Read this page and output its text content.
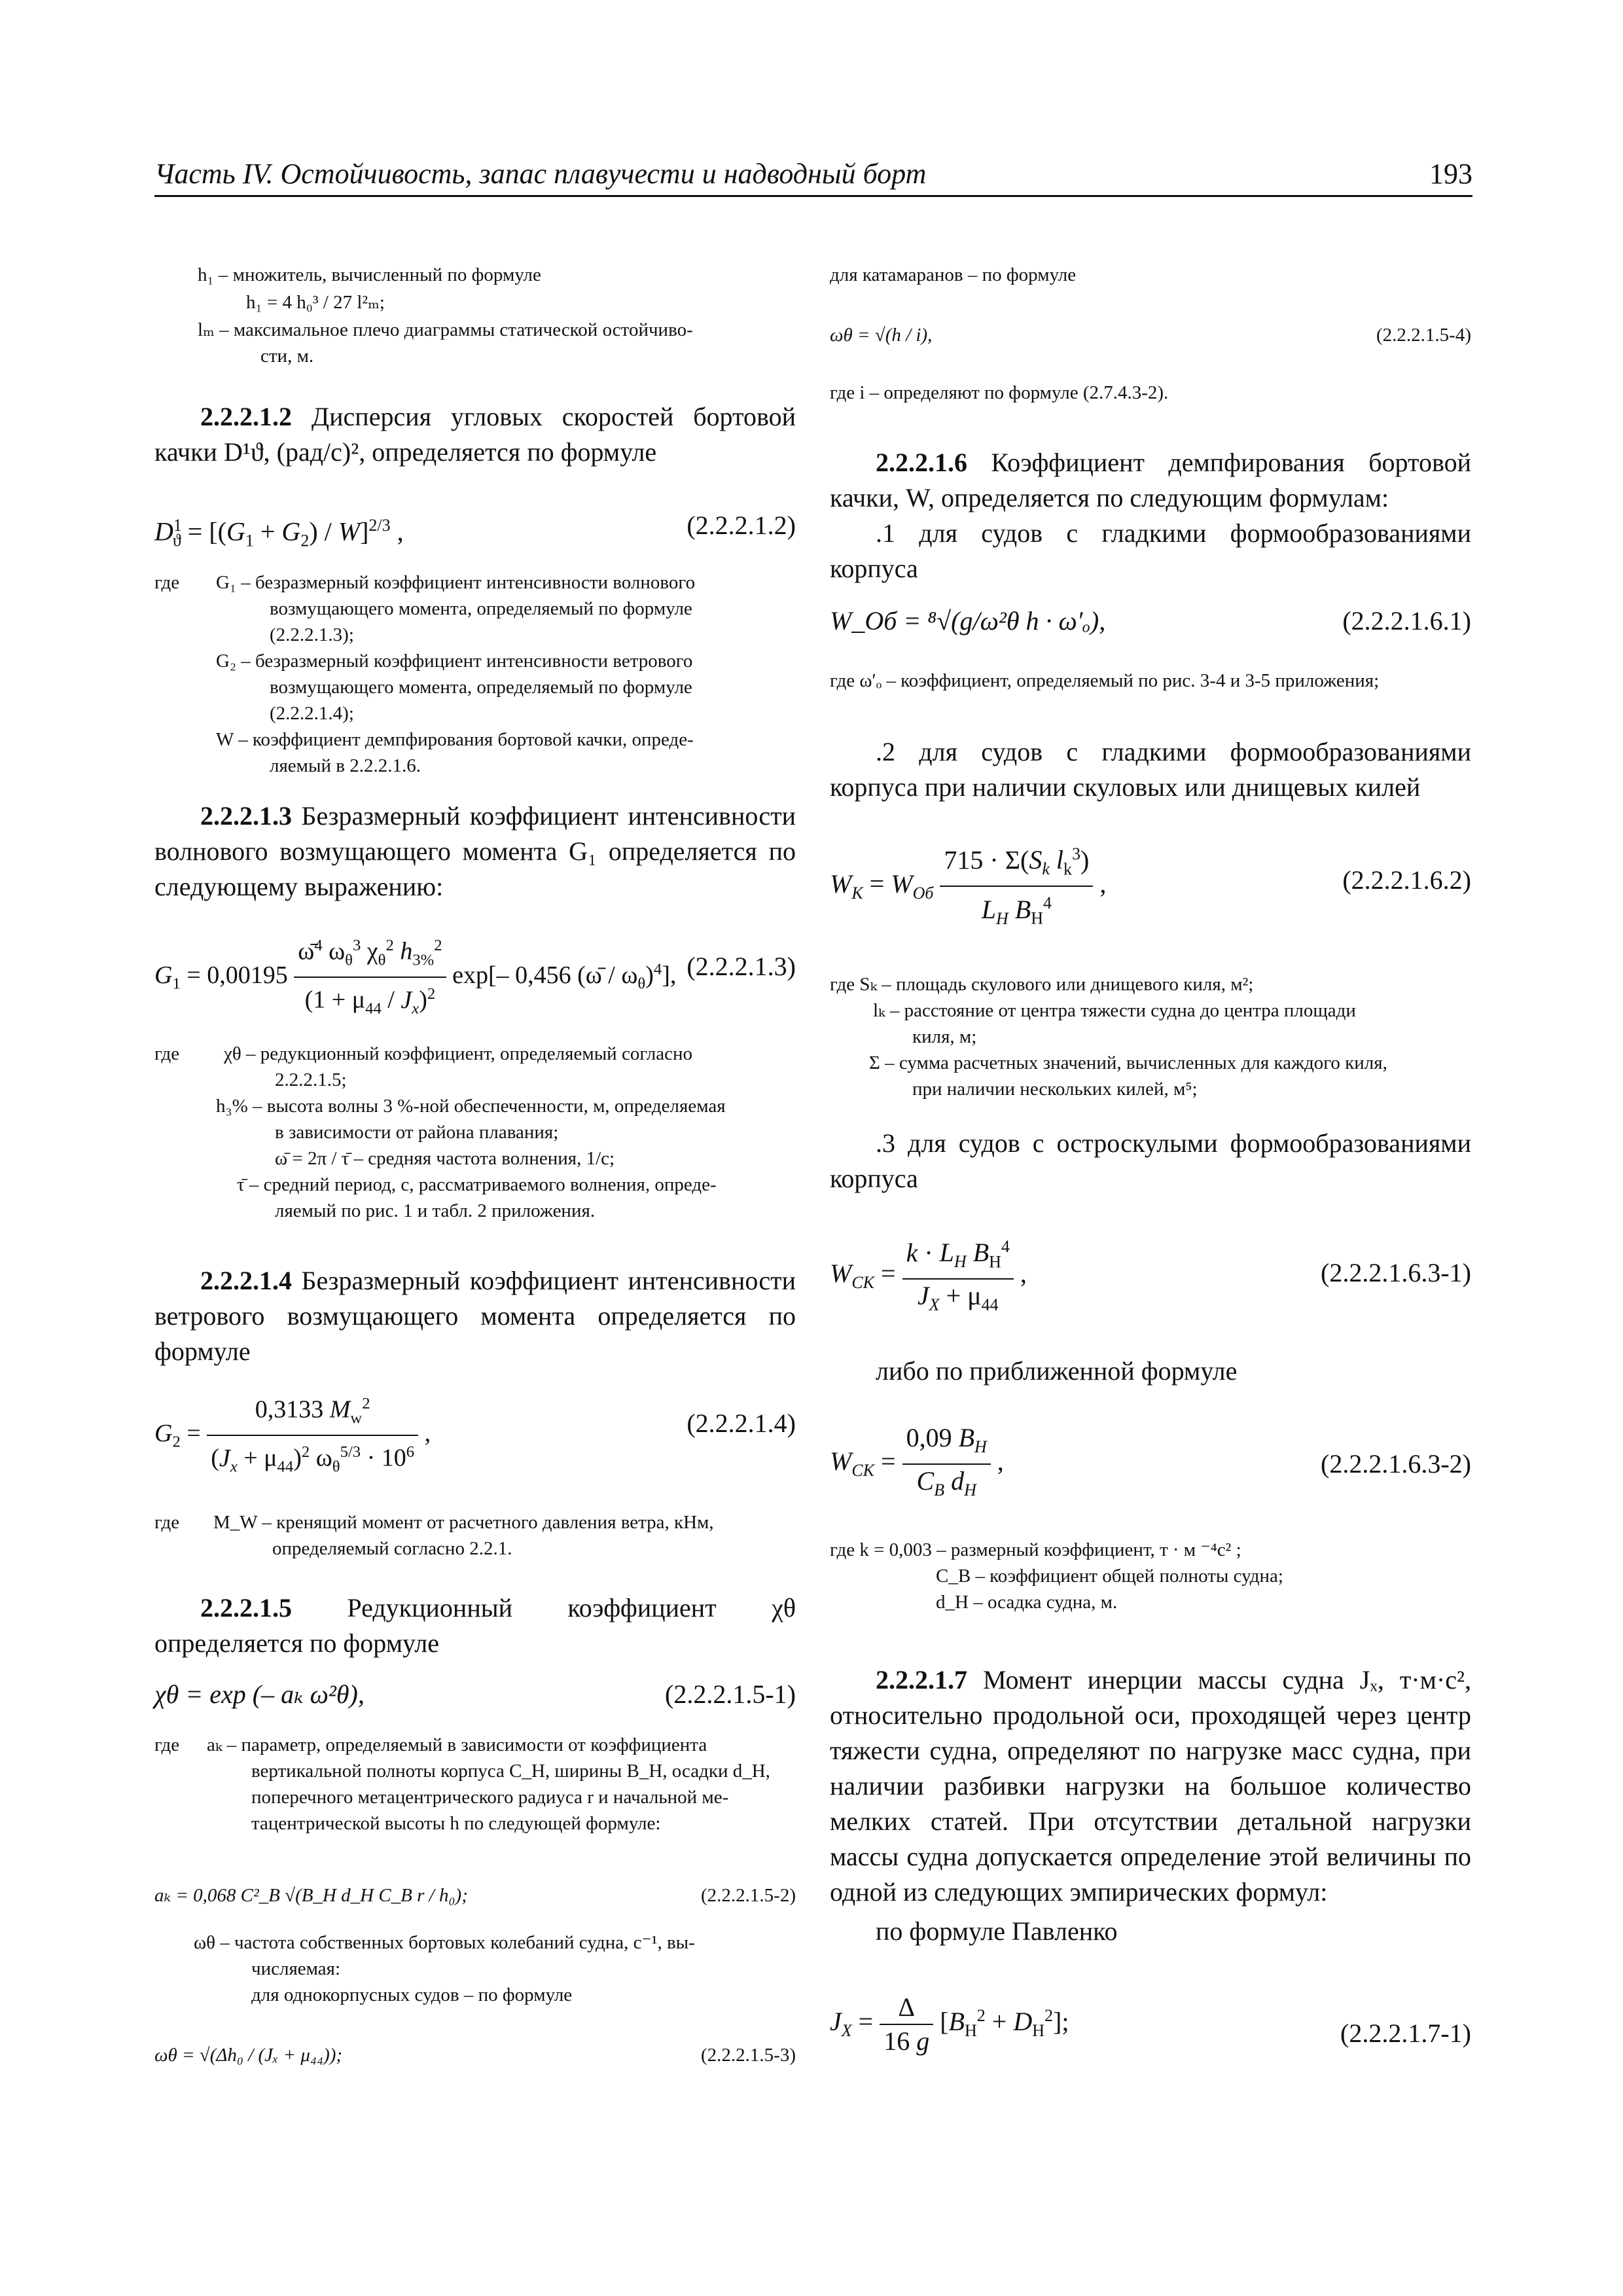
Часть IV. Остойчивость, запас плавучести и надводный борт	193
h₁ – множитель, вычисленный по формуле
h₁ = 4 h₀³ / 27 l²ₘ;
lₘ – максимальное плечо диаграммы статической остойчиво-
сти, м.
2.2.2.1.2 Дисперсия угловых скоростей бортовой качки D¹ϑ, (рад/с)², определяется по формуле
$D^1_ϑ = [(G_1 + G_2) / W]^{2/3}$ ,	(2.2.2.1.2)
где G₁ – безразмерный коэффициент интенсивности волнового
возмущающего момента, определяемый по формуле
(2.2.2.1.3);
G₂ – безразмерный коэффициент интенсивности ветрового
возмущающего момента, определяемый по формуле
(2.2.2.1.4);
W – коэффициент демпфирования бортовой качки, опреде-
ляемый в 2.2.2.1.6.
2.2.2.1.3 Безразмерный коэффициент интенсивности волнового возмущающего момента G₁ определяется по следующему выражению:
$G_1 = 0,00195 \frac{\omegā^4 \omega_\theta^3 \chi_\theta^2 h_{3\%}^2}{(1 + \mu_{44} / J_x)^2} \exp[-$ 0,456 (ω̄ / $\omega_\theta)^4$], (2.2.2.1.3)
где χθ – редукционный коэффициент, определяемый согласно
2.2.2.1.5;
h₃% – высота волны 3 %-ной обеспеченности, м, определяемая
в зависимости от района плавания;
ω̄ = 2π / τ̄ – средняя частота волнения, 1/с;
τ̄ – средний период, с, рассматриваемого волнения, опреде-
ляемый по рис. 1 и табл. 2 приложения.
2.2.2.1.4 Безразмерный коэффициент интенсивности ветрового возмущающего момента определяется по формуле
$G_2 = \frac{0,3133 M_w^2}{(J_x + \mu_{44})^2 \omega_\theta^{5/3} \cdot 10^6}$ ,	(2.2.2.1.4)
где M_W – кренящий момент от расчетного давления ветра, кНм,
определяемый согласно 2.2.1.
2.2.2.1.5 Редукционный коэффициент χθ определяется по формуле
χθ = exp (– aₖ ω²θ),	(2.2.2.1.5-1)
где aₖ – параметр, определяемый в зависимости от коэффициента
вертикальной полноты корпуса C_H, ширины B_H, осадки d_H,
поперечного метацентрического радиуса r и начальной ме-
тацентрической высоты h по следующей формуле:
aₖ = 0,068 C²_B √(B_H d_H C_B r / h₀);	(2.2.2.1.5-2)
ωθ – частота собственных бортовых колебаний судна, с⁻¹, вы-
числяемая:
для однокорпусных судов – по формуле
ωθ = √(Δh₀ / (Jₓ + μ₄₄));	(2.2.2.1.5-3)
для катамаранов – по формуле
ωθ = √(h / i),	(2.2.2.1.5-4)
где i – определяют по формуле (2.7.4.3-2).
2.2.2.1.6 Коэффициент демпфирования бортовой качки, W, определяется по следующим формулам:
.1 для судов с гладкими формообразованиями корпуса
W_Об = ⁸√(g/ω²θ h · ω′ₒ),	(2.2.2.1.6.1)
где ω′ₒ – коэффициент, определяемый по рис. 3-4 и 3-5 приложения;
.2 для судов с гладкими формообразованиями корпуса при наличии скуловых или днищевых килей
$W_K = W_{Об} \frac{715 \cdot \Sigma(S_k l_k^3)}{L_H B_H^4}$ ,	(2.2.2.1.6.2)
где Sₖ – площадь скулового или днищевого киля, м²;
lₖ – расстояние от центра тяжести судна до центра площади
киля, м;
Σ – сумма расчетных значений, вычисленных для каждого киля,
при наличии нескольких килей, м⁵;
.3 для судов с остроскулыми формообразованиями корпуса
$W_{CK} = \frac{k \cdot L_H B_H^4}{J_X + \mu_{44}}$ ,	(2.2.2.1.6.3-1)
либо по приближенной формуле
$W_{CK} = \frac{0,09 B_H}{C_B d_H}$ ,	(2.2.2.1.6.3-2)
где k = 0,003 – размерный коэффициент, т · м ⁻⁴с² ;
C_B – коэффициент общей полноты судна;
d_H – осадка судна, м.
2.2.2.1.7 Момент инерции массы судна Jₓ, т·м·с², относительно продольной оси, проходящей через центр тяжести судна, определяют по нагрузке масс судна, при наличии разбивки нагрузки на большое количество мелких статей. При отсутствии детальной нагрузки массы судна допускается определение этой величины по одной из следующих эмпирических формул:
по формуле Павленко
$J_X = \frac{\Delta}{16 g} [B_H^2 + D_H^2]$;	(2.2.2.1.7-1)
